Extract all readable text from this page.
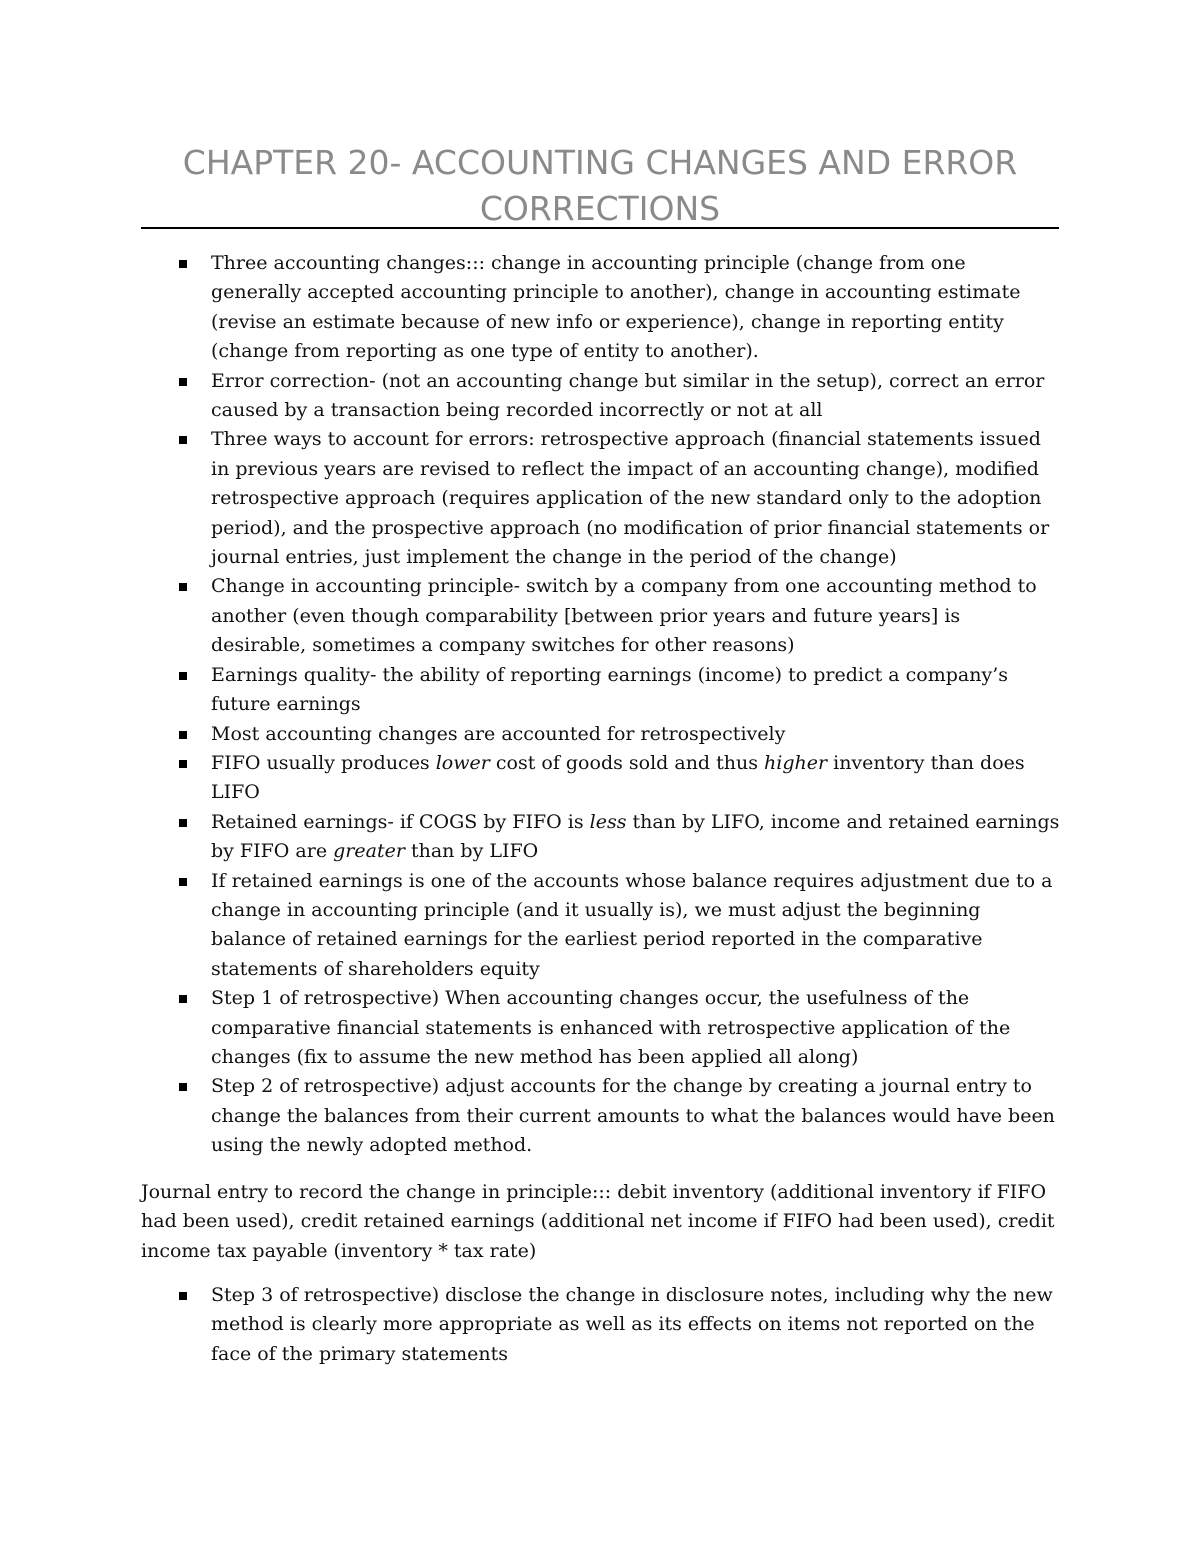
CHAPTER 20- ACCOUNTING CHANGES AND ERROR CORRECTIONS
Three accounting changes::: change in accounting principle (change from one generally accepted accounting principle to another), change in accounting estimate (revise an estimate because of new info or experience), change in reporting entity (change from reporting as one type of entity to another).
Error correction- (not an accounting change but similar in the setup), correct an error caused by a transaction being recorded incorrectly or not at all
Three ways to account for errors: retrospective approach (financial statements issued in previous years are revised to reflect the impact of an accounting change), modified retrospective approach (requires application of the new standard only to the adoption period), and the prospective approach (no modification of prior financial statements or journal entries, just implement the change in the period of the change)
Change in accounting principle- switch by a company from one accounting method to another (even though comparability [between prior years and future years] is desirable, sometimes a company switches for other reasons)
Earnings quality- the ability of reporting earnings (income) to predict a company’s future earnings
Most accounting changes are accounted for retrospectively
FIFO usually produces lower cost of goods sold and thus higher inventory than does LIFO
Retained earnings- if COGS by FIFO is less than by LIFO, income and retained earnings by FIFO are greater than by LIFO
If retained earnings is one of the accounts whose balance requires adjustment due to a change in accounting principle (and it usually is), we must adjust the beginning balance of retained earnings for the earliest period reported in the comparative statements of shareholders equity
Step 1 of retrospective) When accounting changes occur, the usefulness of the comparative financial statements is enhanced with retrospective application of the changes (fix to assume the new method has been applied all along)
Step 2 of retrospective) adjust accounts for the change by creating a journal entry to change the balances from their current amounts to what the balances would have been using the newly adopted method.

Journal entry to record the change in principle::: debit inventory (additional inventory if FIFO had been used), credit retained earnings (additional net income if FIFO had been used), credit income tax payable (inventory * tax rate)

Step 3 of retrospective) disclose the change in disclosure notes, including why the new method is clearly more appropriate as well as its effects on items not reported on the face of the primary statements
